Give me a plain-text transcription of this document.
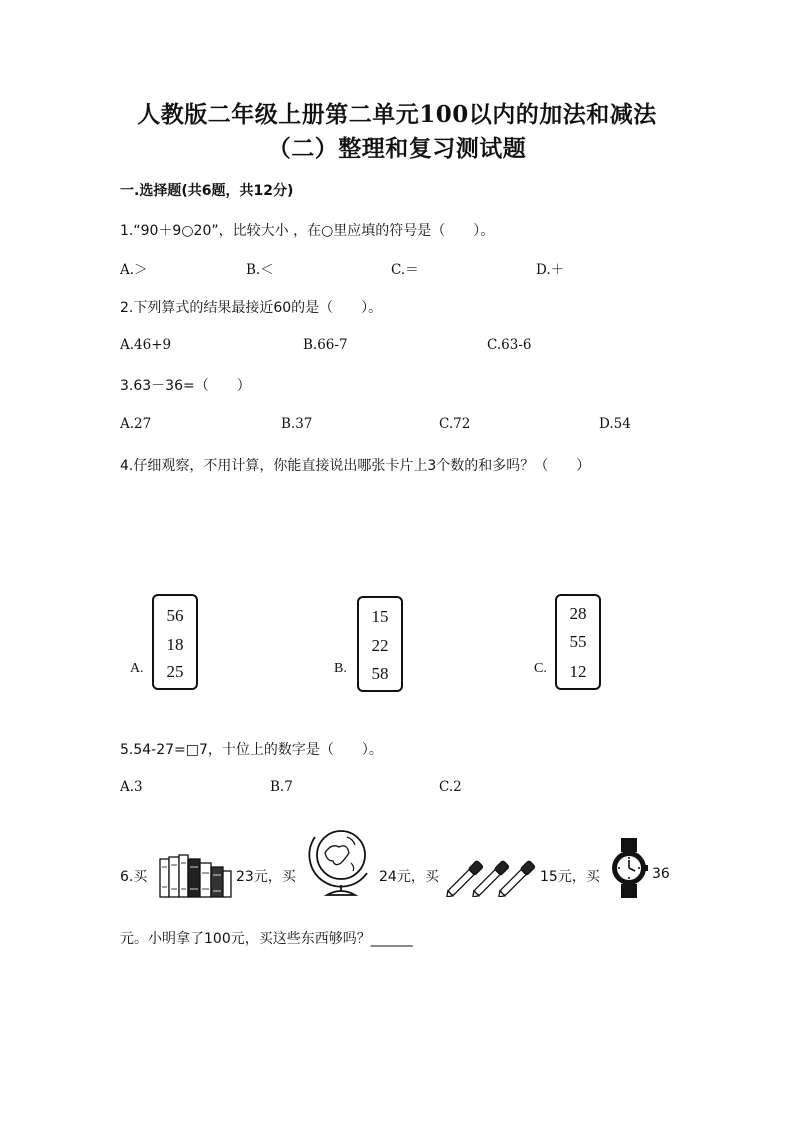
人教版二年级上册第二单元100以内的加法和减法
（二）整理和复习测试题
一.选择题(共6题，共12分)
1.“90＋9○20”，比较大小 ，在○里应填的符号是（　　）。
A.＞	B.＜	C.＝	D.＋
2.下列算式的结果最接近60的是（　　）。
A.46+9	B.66-7	C.63-6
3.63－36=（　　）
A.27	B.37	C.72	D.54
4.仔细观察，不用计算，你能直接说出哪张卡片上3个数的和多吗？（　　）
A.
56
18
25	B.
15
22
58	C.
28
55
12
5.54-27=□7，十位上的数字是（　　）。
A.3	B.7	C.2
6.买	23元，买	24元，买	15元，买	36
元。小明拿了100元，买这些东西够吗？______
